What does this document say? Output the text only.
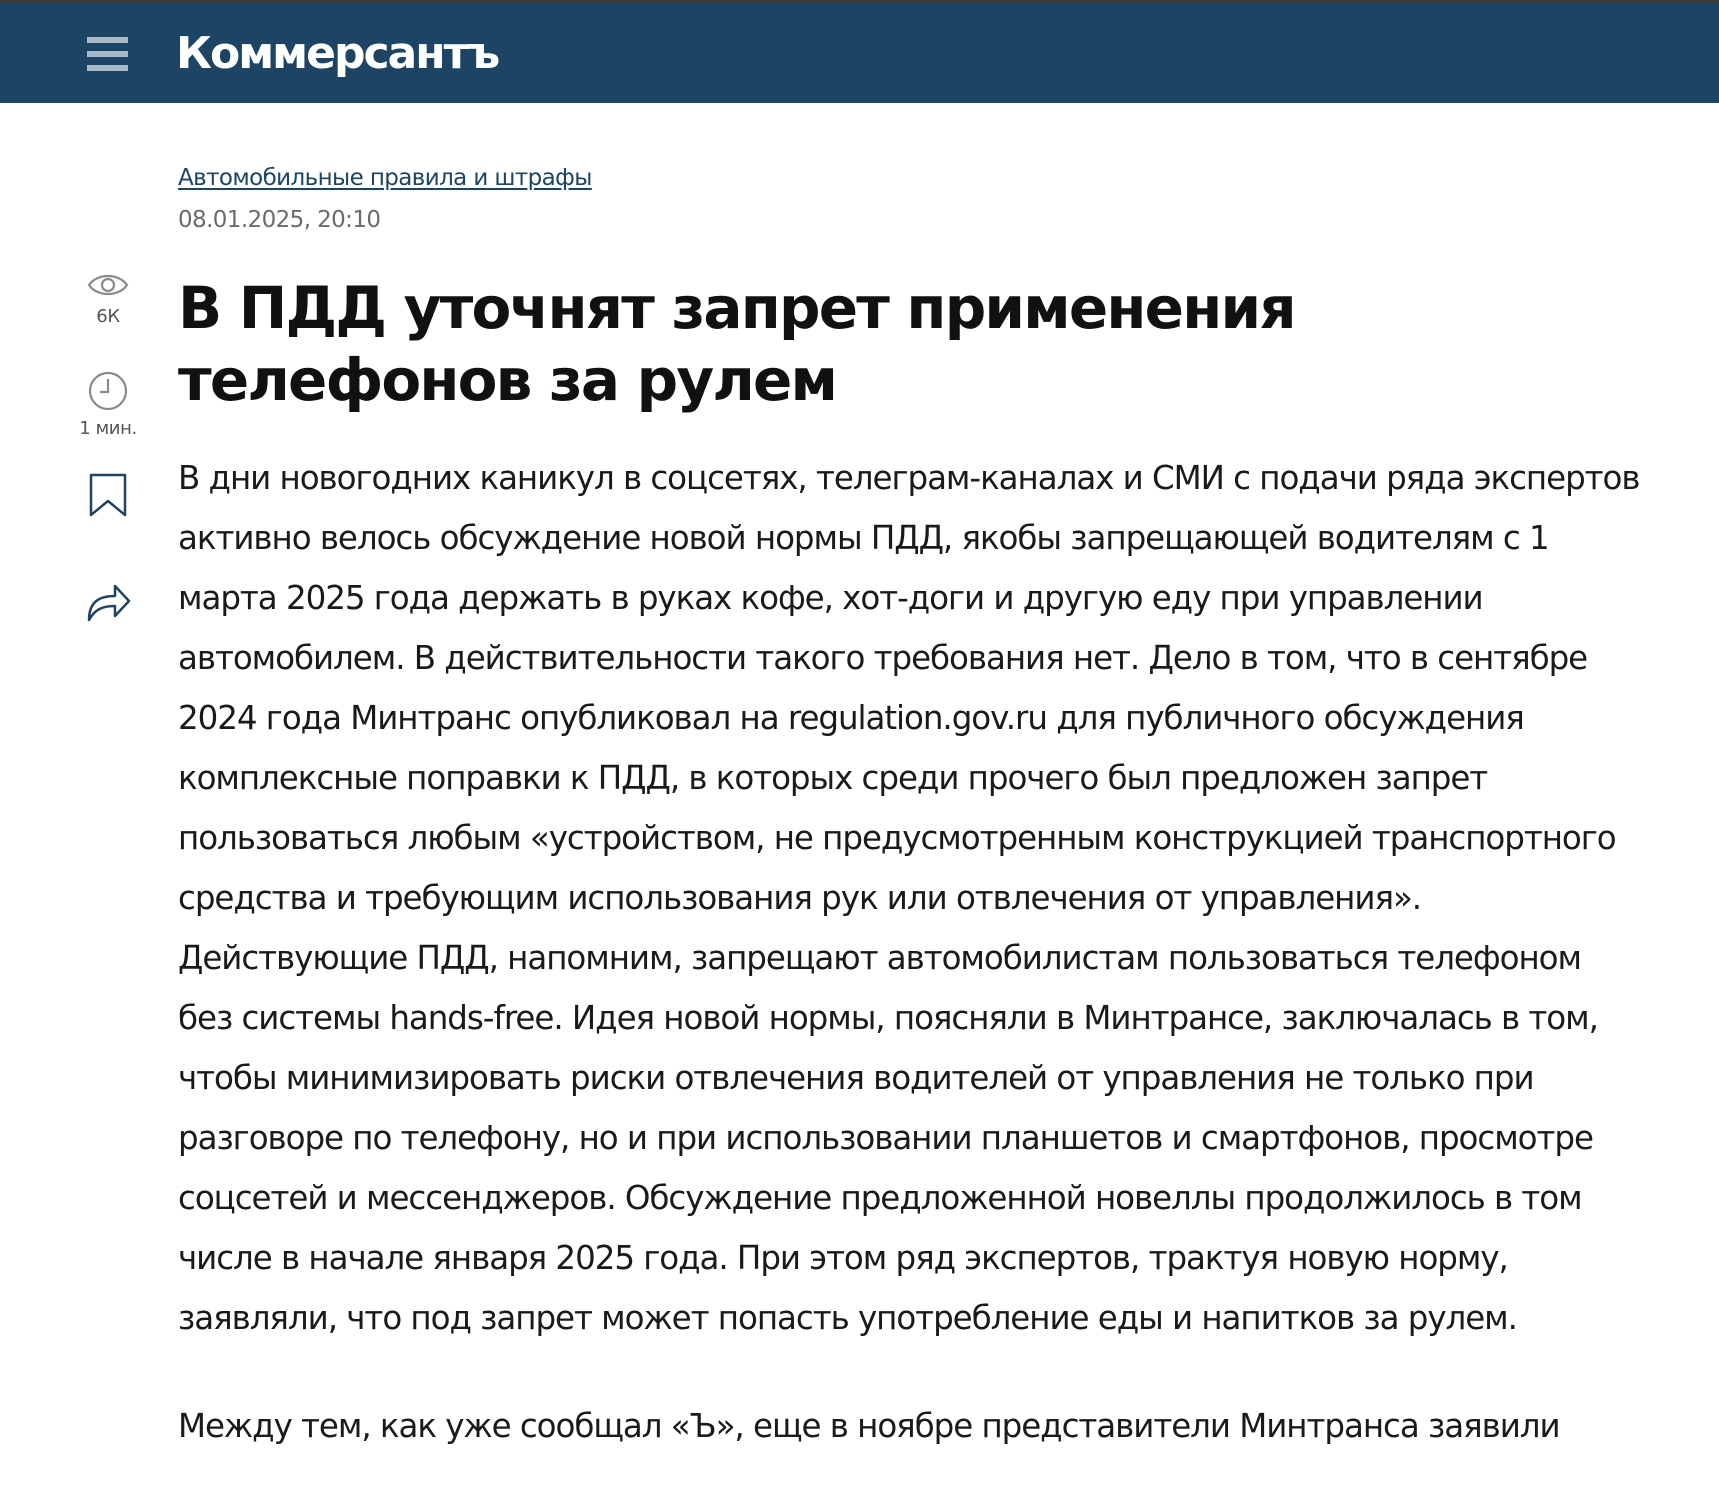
Коммерсантъ
Автомобильные правила и штрафы
08.01.2025, 20:10
6К
1 мин.
В ПДД уточнят запрет применения телефонов за рулем

В дни новогодних каникул в соцсетях, телеграм-каналах и СМИ с подачи ряда экспертов активно велось обсуждение новой нормы ПДД, якобы запрещающей водителям с 1 марта 2025 года держать в руках кофе, хот-доги и другую еду при управлении автомобилем. В действительности такого требования нет. Дело в том, что в сентябре 2024 года Минтранс опубликовал на regulation.gov.ru для публичного обсуждения комплексные поправки к ПДД, в которых среди прочего был предложен запрет пользоваться любым «устройством, не предусмотренным конструкцией транспортного средства и требующим использования рук или отвлечения от управления». Действующие ПДД, напомним, запрещают автомобилистам пользоваться телефоном без системы hands-free. Идея новой нормы, поясняли в Минтрансе, заключалась в том, чтобы минимизировать риски отвлечения водителей от управления не только при разговоре по телефону, но и при использовании планшетов и смартфонов, просмотре соцсетей и мессенджеров. Обсуждение предложенной новеллы продолжилось в том числе в начале января 2025 года. При этом ряд экспертов, трактуя новую норму, заявляли, что под запрет может попасть употребление еды и напитков за рулем.

Между тем, как уже сообщал «Ъ», еще в ноябре представители Минтранса заявили
